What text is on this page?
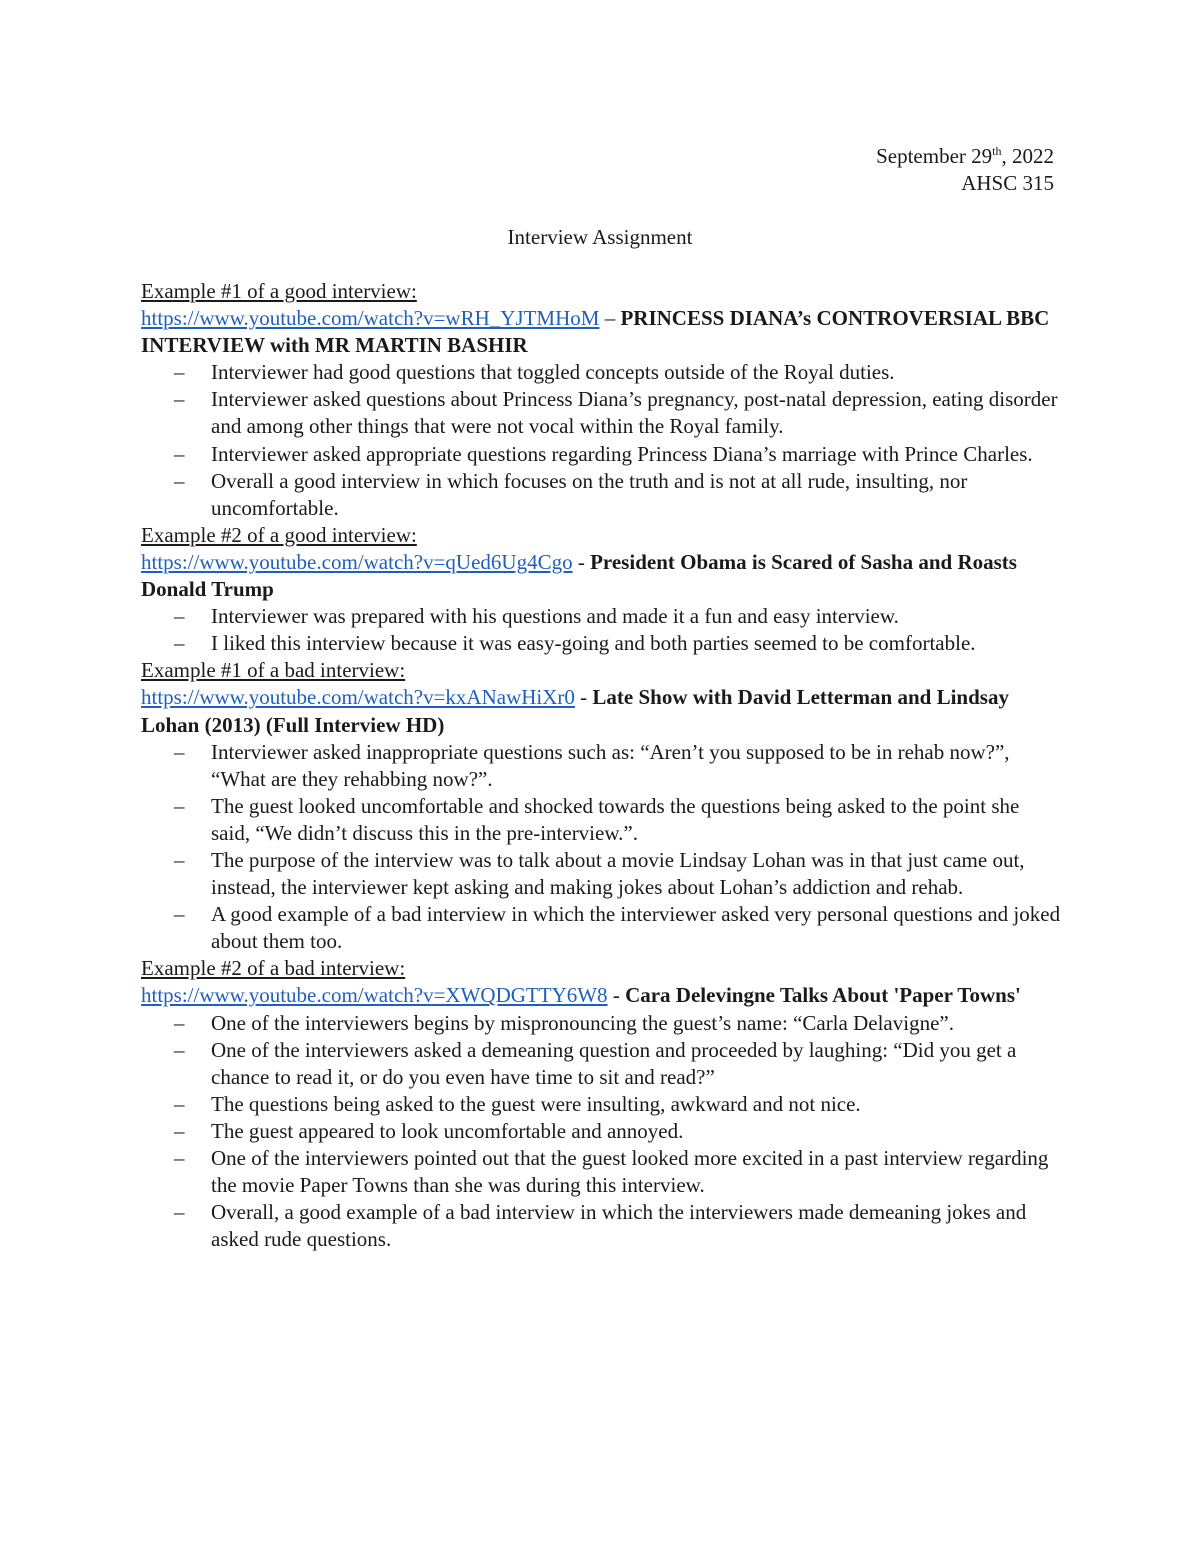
September 29th, 2022
AHSC 315
Interview Assignment
Example #1 of a good interview:
https://www.youtube.com/watch?v=wRH_YJTMHoM – PRINCESS DIANA’s CONTROVERSIAL BBC INTERVIEW with MR MARTIN BASHIR
– Interviewer had good questions that toggled concepts outside of the Royal duties.
– Interviewer asked questions about Princess Diana’s pregnancy, post-natal depression, eating disorder and among other things that were not vocal within the Royal family.
– Interviewer asked appropriate questions regarding Princess Diana’s marriage with Prince Charles.
– Overall a good interview in which focuses on the truth and is not at all rude, insulting, nor uncomfortable.
Example #2 of a good interview:
https://www.youtube.com/watch?v=qUed6Ug4Cgo - President Obama is Scared of Sasha and Roasts Donald Trump
– Interviewer was prepared with his questions and made it a fun and easy interview.
– I liked this interview because it was easy-going and both parties seemed to be comfortable.
Example #1 of a bad interview:
https://www.youtube.com/watch?v=kxANawHiXr0 - Late Show with David Letterman and Lindsay Lohan (2013) (Full Interview HD)
– Interviewer asked inappropriate questions such as: “Aren’t you supposed to be in rehab now?”, “What are they rehabbing now?”.
– The guest looked uncomfortable and shocked towards the questions being asked to the point she said, “We didn’t discuss this in the pre-interview.”.
– The purpose of the interview was to talk about a movie Lindsay Lohan was in that just came out, instead, the interviewer kept asking and making jokes about Lohan’s addiction and rehab.
– A good example of a bad interview in which the interviewer asked very personal questions and joked about them too.
Example #2 of a bad interview:
https://www.youtube.com/watch?v=XWQDGTTY6W8 - Cara Delevingne Talks About 'Paper Towns'
– One of the interviewers begins by mispronouncing the guest’s name: “Carla Delavigne”.
– One of the interviewers asked a demeaning question and proceeded by laughing: “Did you get a chance to read it, or do you even have time to sit and read?”
– The questions being asked to the guest were insulting, awkward and not nice.
– The guest appeared to look uncomfortable and annoyed.
– One of the interviewers pointed out that the guest looked more excited in a past interview regarding the movie Paper Towns than she was during this interview.
– Overall, a good example of a bad interview in which the interviewers made demeaning jokes and asked rude questions.
